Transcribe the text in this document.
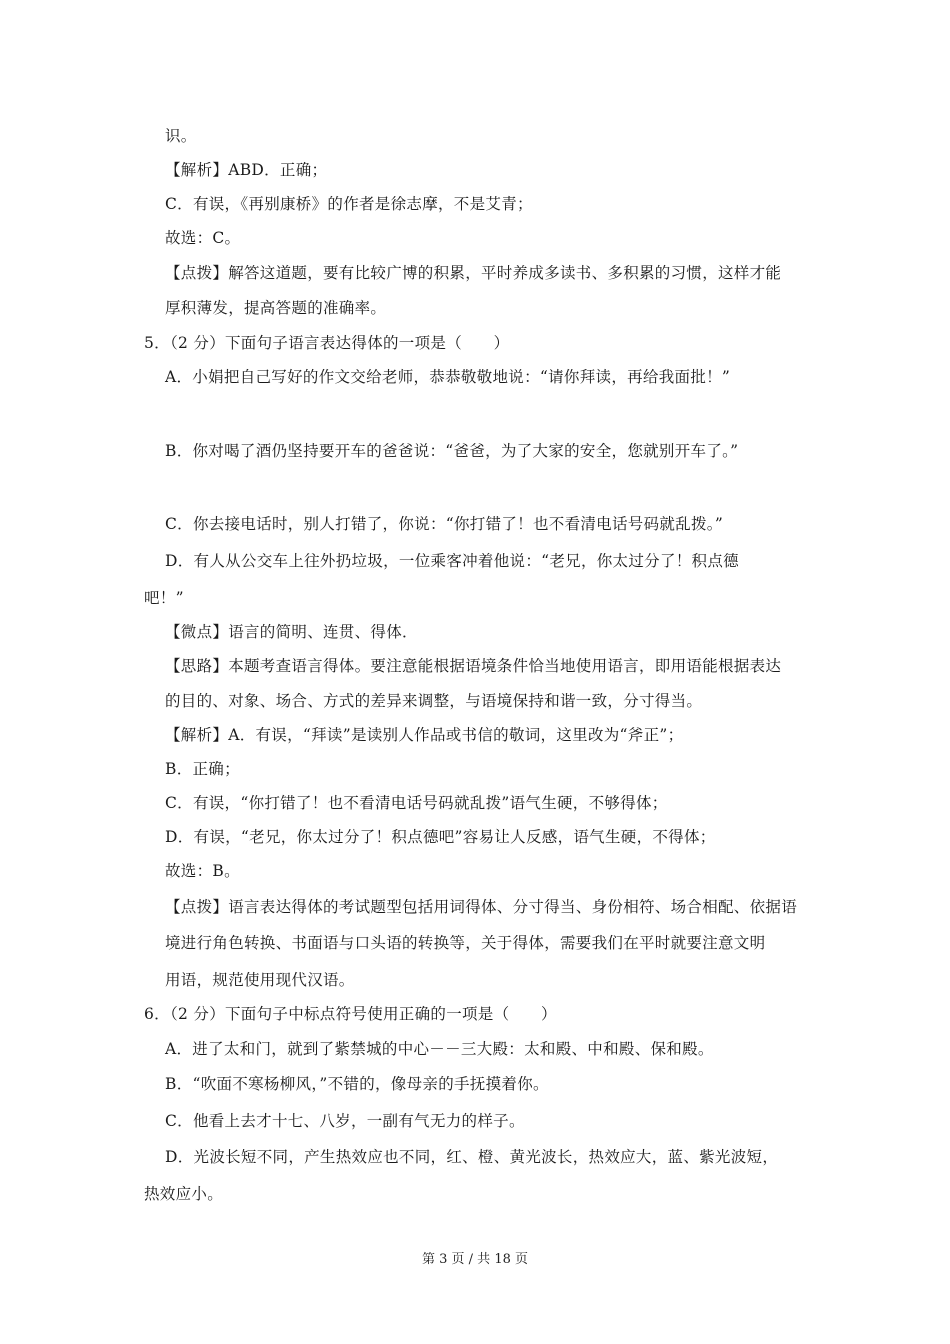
识。
【解析】ABD．正确；
C．有误，《再别康桥》的作者是徐志摩，不是艾青；
故选：C。
【点拨】解答这道题，要有比较广博的积累，平时养成多读书、多积累的习惯，这样才能
厚积薄发，提高答题的准确率。
5．（2 分）下面句子语言表达得体的一项是（　　）
A．小娟把自己写好的作文交给老师，恭恭敬敬地说：“请你拜读，再给我面批！”
B．你对喝了酒仍坚持要开车的爸爸说：“爸爸，为了大家的安全，您就别开车了。”
C．你去接电话时，别人打错了，你说：“你打错了！也不看清电话号码就乱拨。”
D．有人从公交车上往外扔垃圾，一位乘客冲着他说：“老兄，你太过分了！积点德
吧！”
【微点】语言的简明、连贯、得体．
【思路】本题考查语言得体。要注意能根据语境条件恰当地使用语言，即用语能根据表达
的目的、对象、场合、方式的差异来调整，与语境保持和谐一致，分寸得当。
【解析】A．有误，“拜读”是读别人作品或书信的敬词，这里改为“斧正”；
B．正确；
C．有误，“你打错了！也不看清电话号码就乱拨”语气生硬，不够得体；
D．有误，“老兄，你太过分了！积点德吧”容易让人反感，语气生硬，不得体；
故选：B。
【点拨】语言表达得体的考试题型包括用词得体、分寸得当、身份相符、场合相配、依据语
境进行角色转换、书面语与口头语的转换等，关于得体，需要我们在平时就要注意文明
用语，规范使用现代汉语。
6．（2 分）下面句子中标点符号使用正确的一项是（　　）
A．进了太和门，就到了紫禁城的中心－－三大殿：太和殿、中和殿、保和殿。
B．“吹面不寒杨柳风，”不错的，像母亲的手抚摸着你。
C．他看上去才十七、八岁，一副有气无力的样子。
D．光波长短不同，产生热效应也不同，红、橙、黄光波长，热效应大，蓝、紫光波短，
热效应小。
第 3 页 / 共 18 页
